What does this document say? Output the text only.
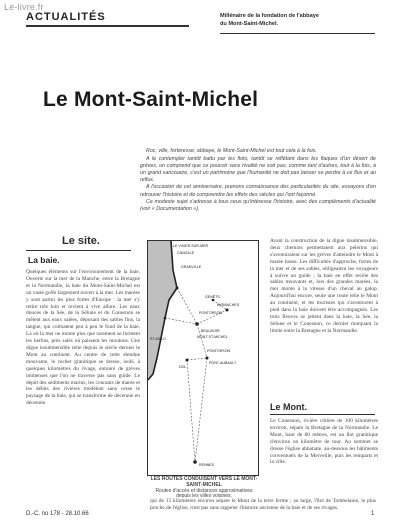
Le-livre.fr
ACTUALITÉS	Millénaire de la fondation de l'abbaye
du Mont-Saint-Michel.
Le Mont-Saint-Michel

Roc, ville, forteresse, abbaye, le Mont-Saint-Michel est tout cela à la fois.

A le contempler tantôt battu par les flots, tantôt se reflétant dans les flaques d'un désert de grèves, on comprend que ce pouvoir sans rivalité ne soit pas, comme tant d'autres, tout à la fois, à un grand sanctuaire, c'est un patrimoine que l'humanité ne doit pas laisser se perdre à ce flux et au reflux.

A l'occasion de cet anniversaire, prenons connaissance des particularités du site, essayons d'en retrouver l'histoire et de comprendre les effets des siècles qui l'ont façonné.

Ce modeste sujet s'adresse à tous ceux qu'intéresse l'histoire, avec des compléments d'actualité (voir « Documentation »).

Le site.
La baie.
Quelques éléments sur l'environnement de la baie. Ouverte sur la mer de la Manche, entre la Bretagne et la Normandie, la baie du Mont-Saint-Michel est un vaste golfe largement ouvert à la mer. Les marées y sont parmi les plus fortes d'Europe : la mer s'y retire très loin et revient à vive allure. Les eaux douces de la Sée, de la Sélune et du Couesnon se mêlent aux eaux salées, déposant des sables fins, la tangue, qui colmatent peu à peu le fond de la baie. Là où la mer ne monte plus que rarement se forment les herbus, prés salés où paissent les moutons. Une digue insubmersible relie depuis le siècle dernier le Mont au continent. Au centre de cette étendue mouvante, le rocher granitique se dresse, isolé, à quelques kilomètres du rivage, entouré de grèves immenses que l'on ne traverse pas sans guide. Le dépôt des sédiments marins, les courants de marée et les débits des rivières modèlent sans cesse le paysage de la baie, qui se transforme de décennie en décennie.
LE VIVIER-SUR-MER
CANCALE
GRANVILLE
AVRANCHES
GENÊTS
PONTORSON
BEAUVOIR
MONT-ST-MICHEL
ST-MALO
DOL
PONT-AUBAULT
RENNES
PONTORSON
LES ROUTES CONDUISENT VERS LE MONT-SAINT-MICHEL
Routes d'accès et distances approximatives depuis les villes voisines.
Avant la construction de la digue insubmersible, deux chemins permettaient aux pèlerins qui s'aventuraient sur les grèves d'atteindre le Mont à marée basse. Les difficultés d'approche, fortes de la mer et de ses sables, obligeaient les voyageurs à suivre un guide ; la baie en effet recèle des sables mouvants et, lors des grandes marées, la mer monte à la vitesse d'un cheval au galop. Aujourd'hui encore, seule une route relie le Mont au continent, et les touristes qui s'aventurent à pied dans la baie doivent être accompagnés. Les trois fleuves se jettent dans la baie, la Sée, la Sélune et le Couesnon, ce dernier marquant la limite entre la Bretagne et la Normandie.
Le Mont.
Le Couesnon, rivière côtière de 100 kilomètres environ, sépare la Bretagne de la Normandie. Le Mont, haut de 80 mètres, est un îlot granitique d'environ un kilomètre de tour. Au sommet se dresse l'église abbatiale, au-dessous les bâtiments conventuels de la Merveille, puis les remparts et la ville.
qui de 15 kilomètres environ sépare le Mont de la terre ferme ; au large, l'îlot de Tombelaine, le plus proche de l'église, n'est pas sans rappeler l'histoire ancienne de la baie et de ses rivages.
D.-C. no 178 - 28.10.66	1
